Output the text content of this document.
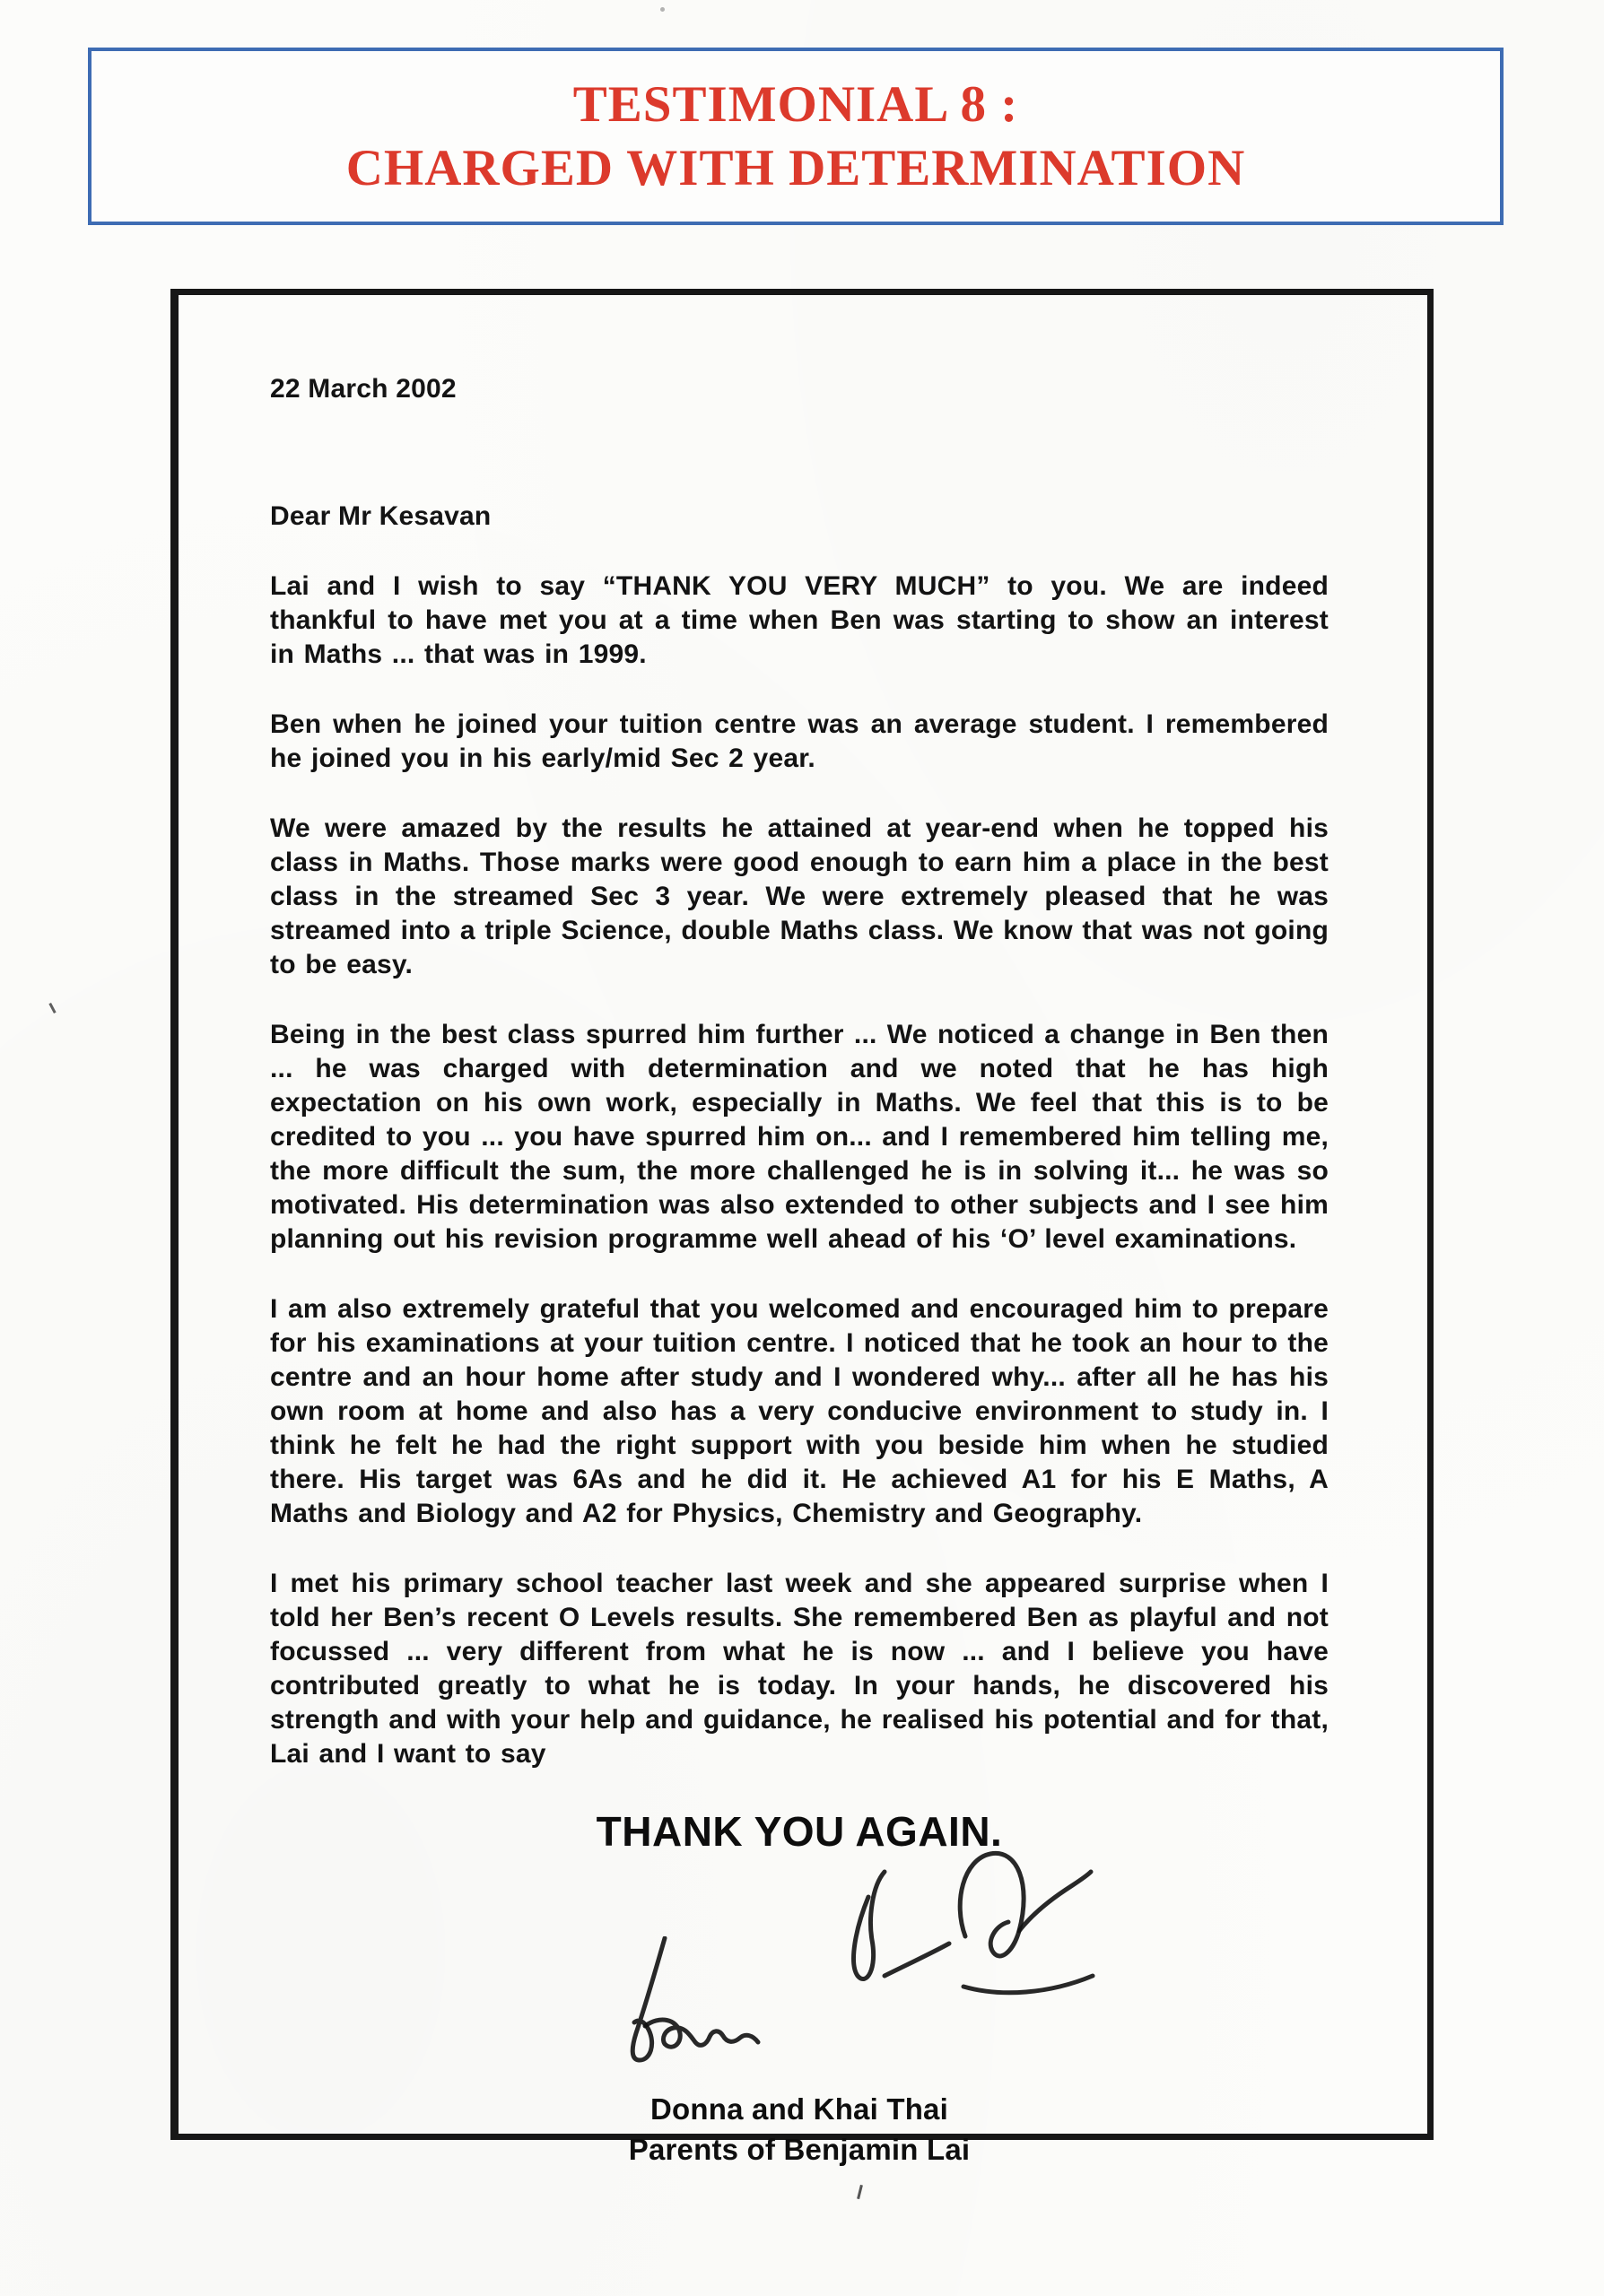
TESTIMONIAL 8 :
CHARGED WITH DETERMINATION
22 March 2002
Dear Mr Kesavan

Lai and I wish to say “THANK YOU VERY MUCH” to you. We are indeed thankful to have met you at a time when Ben was starting to show an interest in Maths ... that was in 1999.

Ben when he joined your tuition centre was an average student. I remembered he joined you in his early/mid Sec 2 year.

We were amazed by the results he attained at year-end when he topped his class in Maths. Those marks were good enough to earn him a place in the best class in the streamed Sec 3 year. We were extremely pleased that he was streamed into a triple Science, double Maths class. We know that was not going to be easy.

Being in the best class spurred him further ... We noticed a change in Ben then ... he was charged with determination and we noted that he has high expectation on his own work, especially in Maths. We feel that this is to be credited to you ... you have spurred him on... and I remembered him telling me, the more difficult the sum, the more challenged he is in solving it... he was so motivated. His determination was also extended to other subjects and I see him planning out his revision programme well ahead of his ‘O’ level examinations.

I am also extremely grateful that you welcomed and encouraged him to prepare for his examinations at your tuition centre. I noticed that he took an hour to the centre and an hour home after study and I wondered why... after all he has his own room at home and also has a very conducive environment to study in. I think he felt he had the right support with you beside him when he studied there. His target was 6As and he did it. He achieved A1 for his E Maths, A Maths and Biology and A2 for Physics, Chemistry and Geography.

I met his primary school teacher last week and she appeared surprise when I told her Ben’s recent O Levels results. She remembered Ben as playful and not focussed ... very different from what he is now ... and I believe you have contributed greatly to what he is today. In your hands, he discovered his strength and with your help and guidance, he realised his potential and for that, Lai and I want to say

THANK YOU AGAIN.
Donna and Khai Thai
Parents of Benjamin Lai
